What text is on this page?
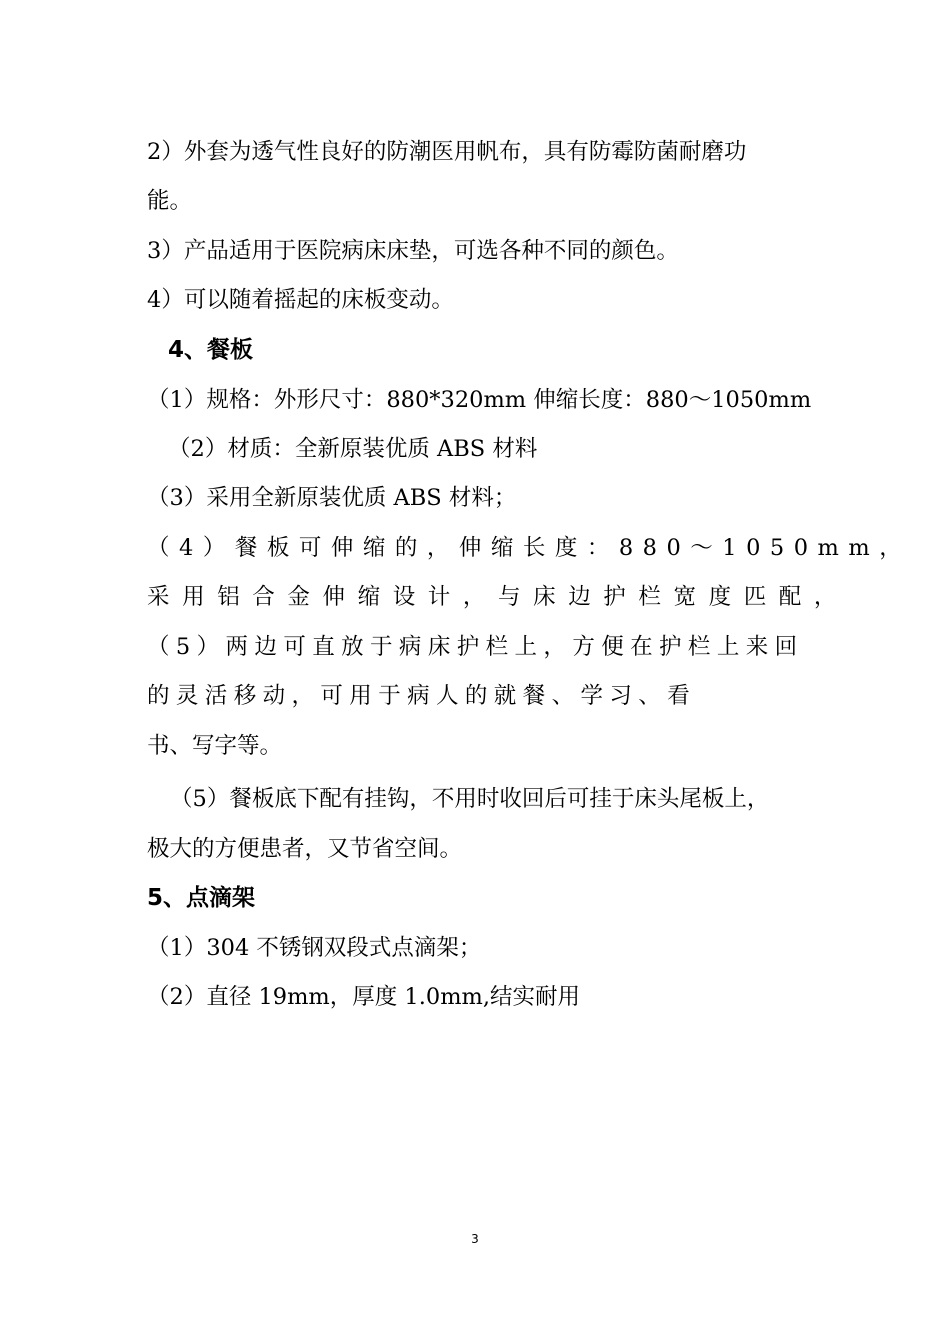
2）外套为透气性良好的防潮医用帆布，具有防霉防菌耐磨功
能。
3）产品适用于医院病床床垫，可选各种不同的颜色。
4）可以随着摇起的床板变动。
4、餐板
（1）规格：外形尺寸：880*320mm 伸缩长度：880～1050mm
（2）材质：全新原装优质 ABS 材料
（3）采用全新原装优质 ABS 材料；
（4）餐板可伸缩的，伸缩长度：880～1050mm，
采用铝合金伸缩设计，与床边护栏宽度匹配，
（5）两边可直放于病床护栏上，方便在护栏上来回
的灵活移动，可用于病人的就餐、学习、看
书、写字等。
（5）餐板底下配有挂钩，不用时收回后可挂于床头尾板上，
极大的方便患者，又节省空间。
5、点滴架
（1）304 不锈钢双段式点滴架；
（2）直径 19mm，厚度 1.0mm,结实耐用
3
